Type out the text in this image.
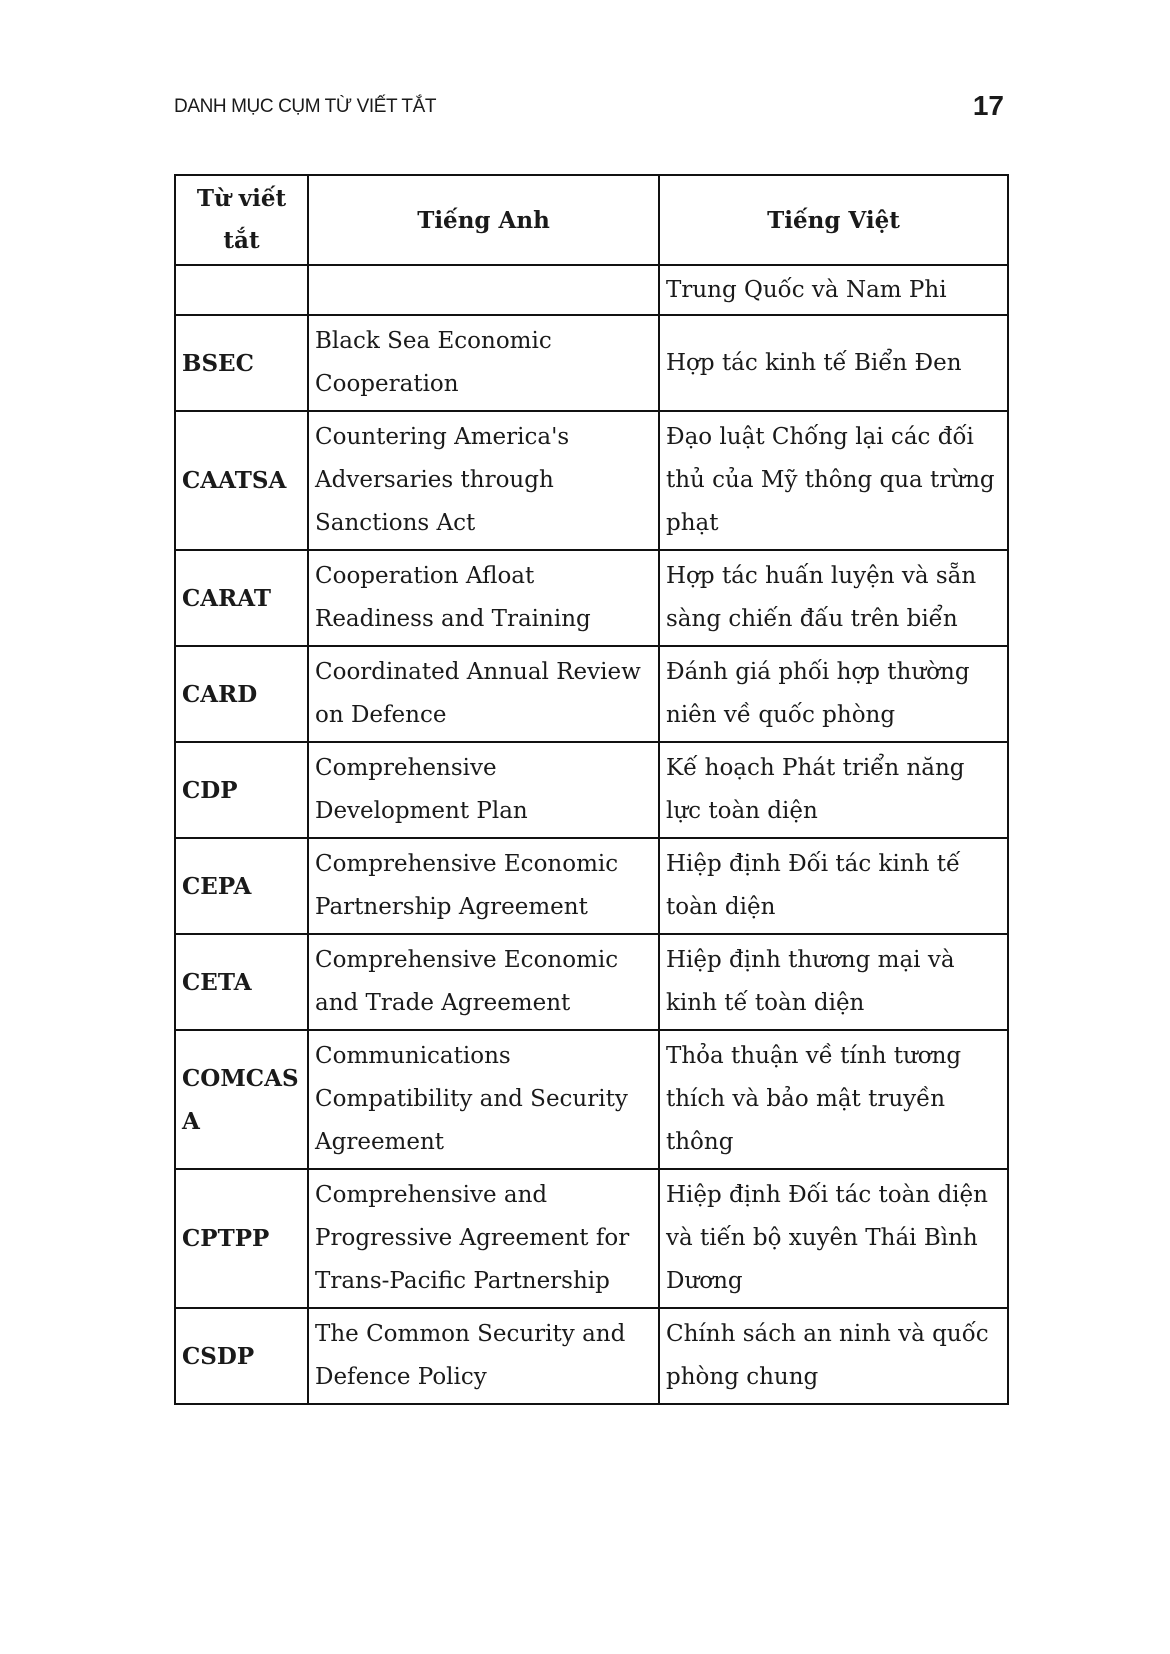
DANH MỤC CỤM TỪ VIẾT TẮT	17
Từ viết tắt	Tiếng Anh	Tiếng Việt
		Trung Quốc và Nam Phi
BSEC	Black Sea Economic Cooperation	Hợp tác kinh tế Biển Đen
CAATSA	Countering America's Adversaries through Sanctions Act	Đạo luật Chống lại các đối thủ của Mỹ thông qua trừng phạt
CARAT	Cooperation Afloat Readiness and Training	Hợp tác huấn luyện và sẵn sàng chiến đấu trên biển
CARD	Coordinated Annual Review on Defence	Đánh giá phối hợp thường niên về quốc phòng
CDP	Comprehensive Development Plan	Kế hoạch Phát triển năng lực toàn diện
CEPA	Comprehensive Economic Partnership Agreement	Hiệp định Đối tác kinh tế toàn diện
CETA	Comprehensive Economic and Trade Agreement	Hiệp định thương mại và kinh tế toàn diện
COMCASA	Communications Compatibility and Security Agreement	Thỏa thuận về tính tương thích và bảo mật truyền thông
CPTPP	Comprehensive and Progressive Agreement for Trans-Pacific Partnership	Hiệp định Đối tác toàn diện và tiến bộ xuyên Thái Bình Dương
CSDP	The Common Security and Defence Policy	Chính sách an ninh và quốc phòng chung
